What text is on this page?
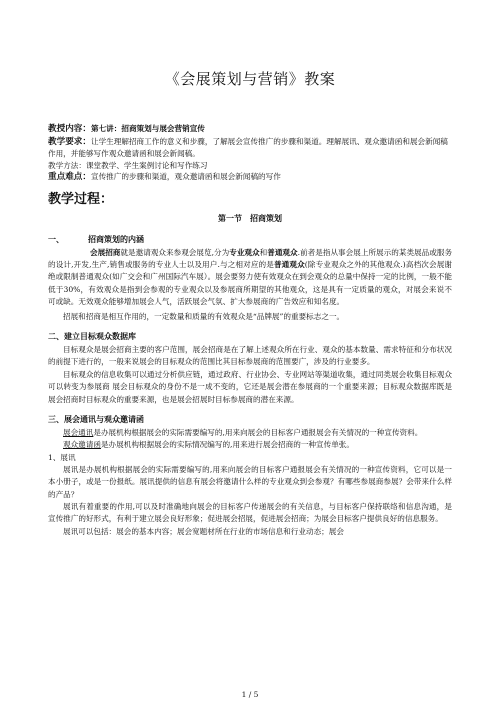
《会展策划与营销》教案
教授内容：第七讲：招商策划与展会营销宣传
教学要求：让学生理解招商工作的意义和步骤，了解展会宣传推广的步骤和渠道。理解展讯、观众邀请函和展会新闻稿作用，并能够写作观众邀请函和展会新闻稿。
教学方法：课堂教学、学生案例讨论和写作练习
重点难点：宣传推广的步骤和渠道，观众邀请函和展会新闻稿的写作
教学过程：
第一节　招商策划
一、	招商策划的内涵

会展招商就是邀请观众来参观会展览,分为专业观众和普通观众.前者是指从事会展上所展示的某类展品或服务的设计,开发,生产,销售或服务的专业人士以及用户.与之相对应的是普通观众(除专业观众之外的其他观众.)高档次会展谢绝或限制普通观众(如广交会和广州国际汽车展）。展会要努力使有效观众在到会观众的总量中保持一定的比例，一般不能低于30%，有效观众是指到会参观的专业观众以及参展商所期望的其他观众，这是具有一定质量的观众，对展会来说不可或缺。无效观众能够增加展会人气，活跃展会气氛、扩大参展商的广告效应和知名度。

招展和招商是相互作用的，一定数量和质量的有效观众是“品牌展”的重要标志之一。

二、建立目标观众数据库

目标观众是展会招商主要的客户范围，展会招商是在了解上述观众所在行业、观众的基本数量、需求特征和分布状况的前提下进行的，一般来说展会的目标观众的范围比其目标参展商的范围要广，涉及的行业要多。

目标观众的信息收集可以通过分析供应链，通过政府、行业协会、专业网站等渠道收集，通过同类展会收集目标观众可以转变为参展商 展会目标观众的身份不是一成不变的，它还是展会潜在参展商的一个重要来源；目标观众数据库既是展会招商时目标观众的重要来源，也是展会招展时目标参展商的潜在来源。

三、展会通讯与观众邀请函

展会通讯是办展机构根据展会的实际需要编写的,用来向展会的目标客户通报展会有关情况的一种宣传资料。

观众邀请函是办展机构根据展会的实际情况编写的,用来进行展会招商的一种宣传单张。

1、展讯

展讯是办展机构根据展会的实际需要编写的,用来向展会的目标客户通报展会有关情况的一种宣传资料，它可以是一本小册子，或是一份报纸。展讯提供的信息有展会将邀请什么样的专业观众到会参观？有哪些参展商参展？会带来什么样的产品？

展讯有着重要的作用,可以及时准确地向展会的目标客户传递展会的有关信息，与目标客户保持联络和信息沟通，是宣传推广的好形式，有利于建立展会良好形象；促进展会招展，促进展会招商；为展会目标客户提供良好的信息服务。

展讯可以包括：展会的基本内容；展会宽题材所在行业的市场信息和行业动态；展会

1 / 5
